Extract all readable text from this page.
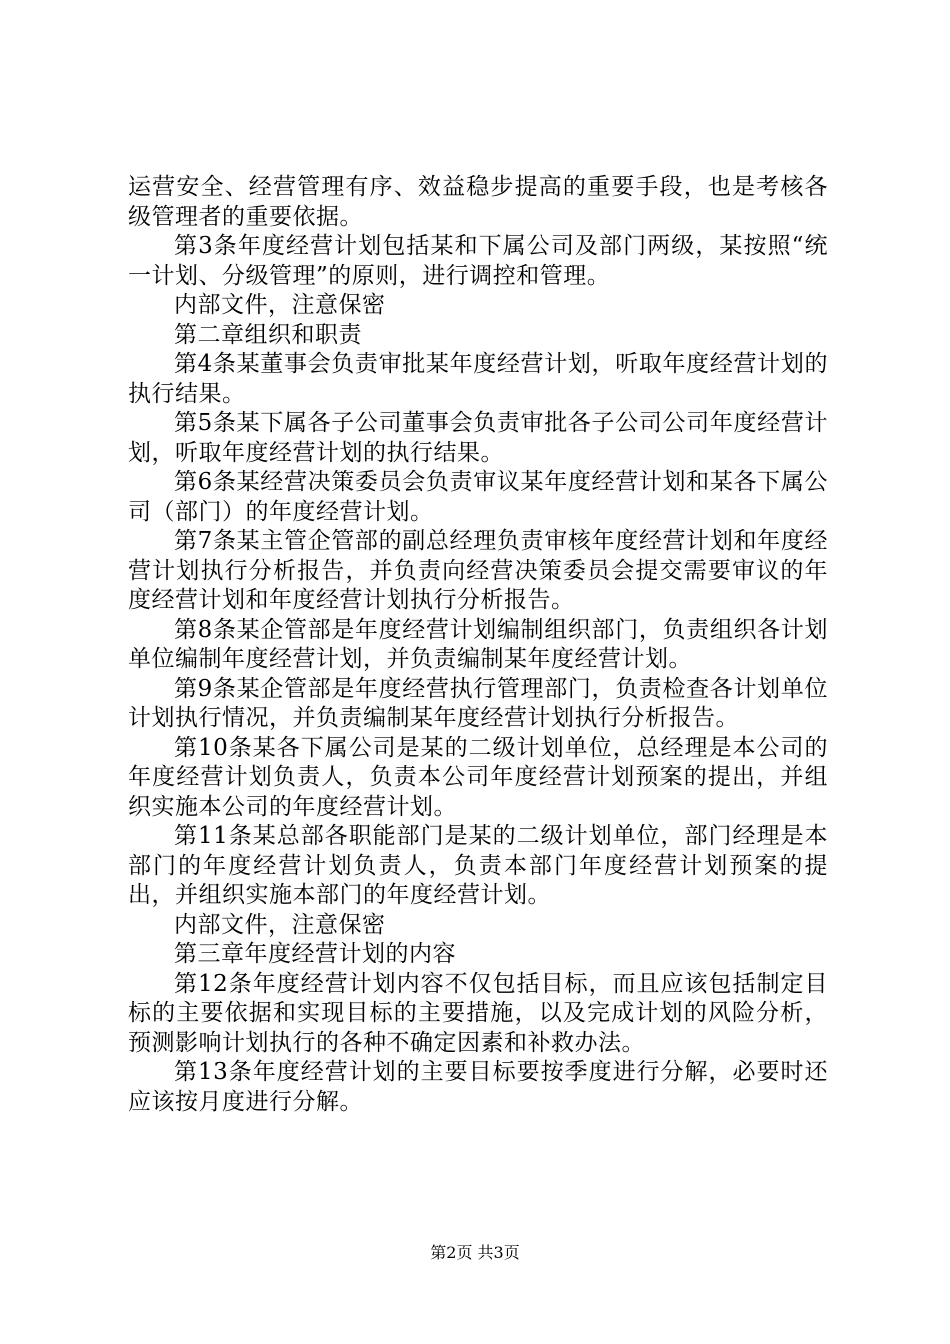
运营安全、经营管理有序、效益稳步提高的重要手段，也是考核各级管理者的重要依据。

第3条年度经营计划包括某和下属公司及部门两级，某按照“统一计划、分级管理”的原则，进行调控和管理。

内部文件，注意保密

第二章组织和职责

第4条某董事会负责审批某年度经营计划，听取年度经营计划的执行结果。

第5条某下属各子公司董事会负责审批各子公司公司年度经营计划，听取年度经营计划的执行结果。

第6条某经营决策委员会负责审议某年度经营计划和某各下属公司（部门）的年度经营计划。

第7条某主管企管部的副总经理负责审核年度经营计划和年度经营计划执行分析报告，并负责向经营决策委员会提交需要审议的年度经营计划和年度经营计划执行分析报告。

第8条某企管部是年度经营计划编制组织部门，负责组织各计划单位编制年度经营计划，并负责编制某年度经营计划。

第9条某企管部是年度经营执行管理部门，负责检查各计划单位计划执行情况，并负责编制某年度经营计划执行分析报告。

第10条某各下属公司是某的二级计划单位，总经理是本公司的年度经营计划负责人，负责本公司年度经营计划预案的提出，并组织实施本公司的年度经营计划。

第11条某总部各职能部门是某的二级计划单位，部门经理是本部门的年度经营计划负责人，负责本部门年度经营计划预案的提出，并组织实施本部门的年度经营计划。

内部文件，注意保密

第三章年度经营计划的内容

第12条年度经营计划内容不仅包括目标，而且应该包括制定目标的主要依据和实现目标的主要措施，以及完成计划的风险分析，预测影响计划执行的各种不确定因素和补救办法。

第13条年度经营计划的主要目标要按季度进行分解，必要时还应该按月度进行分解。

第2页 共3页
